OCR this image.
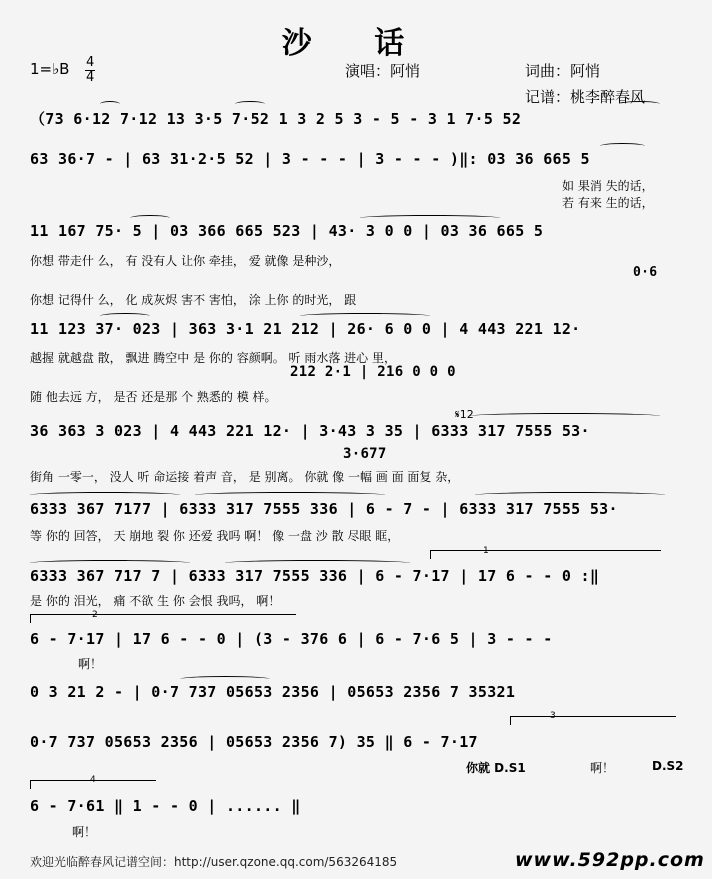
沙 话
1=♭B 4
4	演唱：阿悄	词曲：阿悄
记谱：桃李醉春风
（73 6·12 7·12 13 3·5 7·52 1 3 2 5 3 - 5 - 3 1 7·5 52
63 36·7 - | 63 31·2·5 52 | 3 - - - | 3 - - - )‖: 03 36 665 5
如 果消 失的话，
若 有来 生的话，
11 167 75· 5 | 03 366 665 523 | 43· 3 0 0 | 03 36 665 5
你想 带走什 么， 有 没有人 让你 牵挂， 爱 就像 是种沙，
0·6
你想 记得什 么， 化 成灰烬 害不 害怕， 涂 上你 的时光， 跟
11 123 37· 023 | 363 3·1 21 212 | 26· 6 0 0 | 4 443 221 12·
越握 就越盘 散， 飘进 腾空中 是 你的 容颜啊。 听 雨水落 进心 里，
212 2·1 | 216 0 0 0
随 他去远 方， 是否 还是那 个 熟悉的 模 样。
36 363 3 023 | 4 443 221 12· | 3·43 3 35 | 6333 317 7555 53·
𝄋12
3·677
街角 一零一， 没人 听 命运接 着声 音， 是 别离。 你就 像 一幅 画 面 面复 杂，
6333 367 7177 | 6333 317 7555 336 | 6 - 7 - | 6333 317 7555 53·
等 你的 回答， 天 崩地 裂 你 还爱 我吗 啊！ 像 一盘 沙 散 尽眼 眶，
1
6333 367 717 7 | 6333 317 7555 336 | 6 - 7·17 | 17 6 - - 0 :‖
是 你的 泪光， 痛 不欲 生 你 会恨 我吗， 啊！
2
6 - 7·17 | 17 6 - - 0 | (3 - 376 6 | 6 - 7·6 5 | 3 - - -
啊！
0 3 21 2 - | 0·7 737 05653 2356 | 05653 2356 7 35321
3
0·7 737 05653 2356 | 05653 2356 7) 35 ‖ 6 - 7·17
你就 D.S1	啊！	D.S2
4
6 - 7·61 ‖ 1 - - 0 | ...... ‖
啊！
欢迎光临醉春风记谱空间：http://user.qzone.qq.com/563264185	www.592pp.com
